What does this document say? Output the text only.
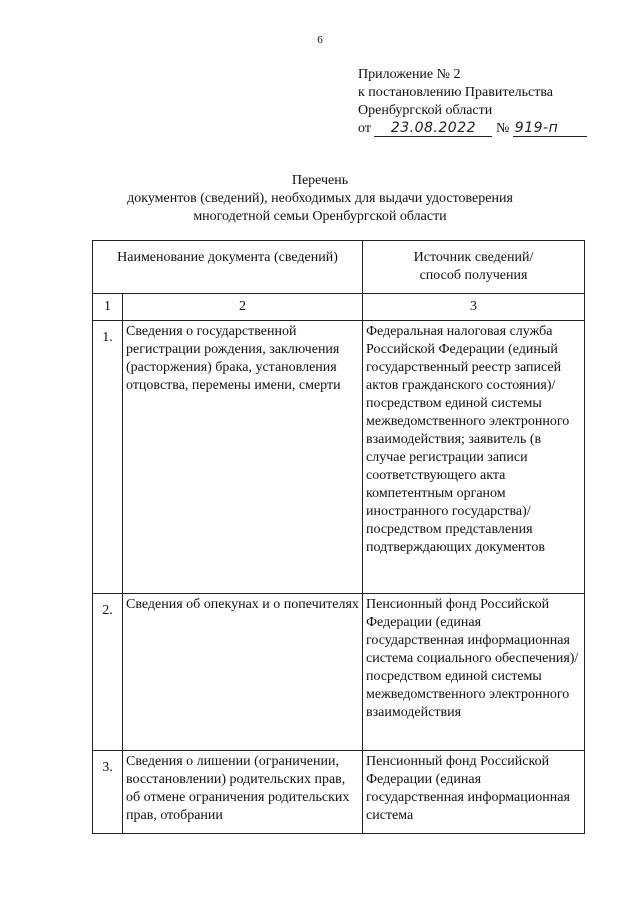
6
Приложение № 2
к постановлению Правительства
Оренбургской области
от 23.08.2022 № 919-п
Перечень
документов (сведений), необходимых для выдачи удостоверения
многодетной семьи Оренбургской области
Наименование документа (сведений)		Источник сведений/
способ получения

1	2	3
1.	Сведения о государственной регистрации рождения, заключения (расторжения) брака, установления отцовства, перемены имени, смерти	Федеральная налоговая служба Российской Федерации (единый государственный реестр записей актов гражданского состояния)/посредством единой системы межведомственного электронного взаимодействия; заявитель (в случае регистрации записи соответствующего акта компетентным органом иностранного государства)/посредством представления подтверждающих документов

2.	Сведения об опекунах и о попечителях	Пенсионный фонд Российской Федерации (единая государственная информационная система социального обеспечения)/посредством единой системы межведомственного электронного взаимодействия

3.	Сведения о лишении (ограничении, восстановлении) родительских прав, об отмене ограничения родительских прав, отобрании	Пенсионный фонд Российской Федерации (единая государственная информационная система
